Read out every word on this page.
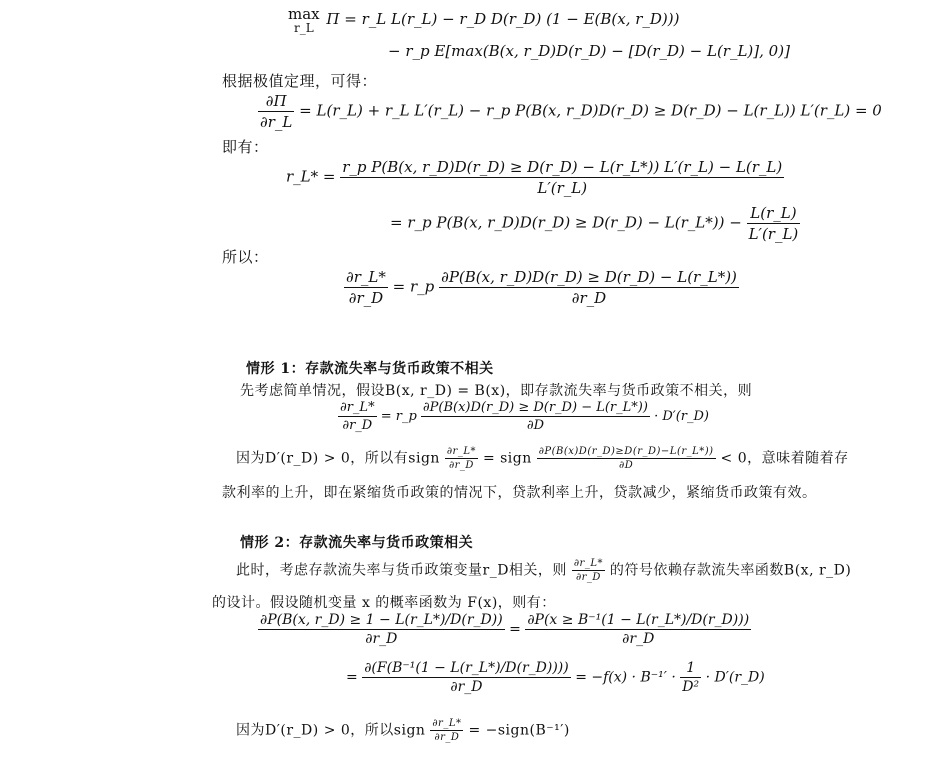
max
r_L Π = r_L L(r_L) − r_D D(r_D) (1 − E(B(x, r_D)))
− r_p E[max(B(x, r_D)D(r_D) − [D(r_D) − L(r_L)], 0)]
根据极值定理，可得：
$\frac{\partial\Pi}{\partial r\_L}$ = L(r_L) + r_L L′(r_L) − r_p P(B(x, r_D)D(r_D) ≥ D(r_D) − L(r_L)) L′(r_L) = 0
即有：
r_L* = $\frac{\text{r\_p P(B(x, r\_D)D(r\_D) ≥ D(r\_D) − L(r\_L*)) L′(r\_L) − L(r\_L)}}{L'(r\_L)}$
= r_p P(B(x, r_D)D(r_D) ≥ D(r_D) − L(r_L*)) − $\frac{L(r\_L)}{L'(r\_L)}$
所以：
$\frac{\partial r\_L*}{\partial r\_D}$ = r_p $\frac{\partial P(B(x, r\_D)D(r\_D) \ge D(r\_D) - L(r\_L*))}{\partial r\_D}$
情形 1：存款流失率与货币政策不相关
先考虑简单情况，假设B(x, r_D) = B(x)，即存款流失率与货币政策不相关，则
$\frac{\partial r\_L*}{\partial r\_D}$ = r_p $\frac{\partial P(B(x)D(r\_D) \ge D(r\_D) - L(r\_L*))}{\partial D}$ · D′(r_D)
因为D′(r_D) > 0，所以有sign $\frac{\partial r\_L*}{\partial r\_D}$ = sign $\frac{\partial P(B(x)D(r\_D)\ge D(r\_D)-L(r\_L*))}{\partial D} < 0$，意味着随着存
款利率的上升，即在紧缩货币政策的情况下，贷款利率上升，贷款减少，紧缩货币政策有效。
情形 2：存款流失率与货币政策相关
此时，考虑存款流失率与货币政策变量r_D相关，则 $\frac{\partial r\_L*}{\partial r\_D}$ 的符号依赖存款流失率函数B(x, r_D)
的设计。假设随机变量 x 的概率函数为 F(x)，则有：
$\frac{\partial P(B(x, r\_D) \ge 1 - L(r\_L*)/D(r\_D))}{\partial r\_D} = \frac{\text{∂P(x ≥ B⁻¹(1 − L(r\_L*)/D(r\_D)))}}{\partial r\_D}$
= $\frac{\text{∂(F(B⁻¹(1 − L(r\_L*)/D(r\_D))))}}{\partial r\_D} = -f(x) \cdot B^{-1}' \cdot \frac{1}{\text{D²}}$ · D′(r_D)
因为D′(r_D) > 0，所以sign $\frac{\partial r\_L*}{\partial r\_D}$ = −sign(B⁻¹′)
